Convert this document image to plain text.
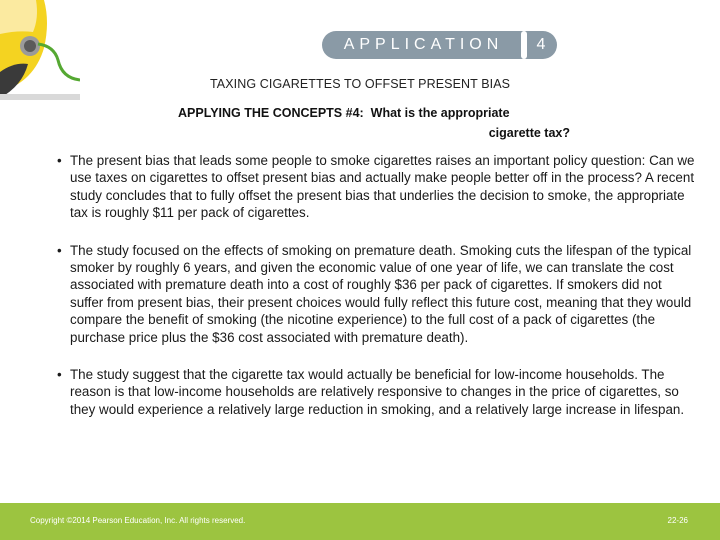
APPLICATION	4
TAXING CIGARETTES TO OFFSET PRESENT BIAS
APPLYING THE CONCEPTS #4: What is the appropriate
cigarette tax?
• The present bias that leads some people to smoke cigarettes raises an important policy question: Can we use taxes on cigarettes to offset present bias and actually make people better off in the process? A recent study concludes that to fully offset the present bias that underlies the decision to smoke, the appropriate tax is roughly $11 per pack of cigarettes.
• The study focused on the effects of smoking on premature death. Smoking cuts the lifespan of the typical smoker by roughly 6 years, and given the economic value of one year of life, we can translate the cost associated with premature death into a cost of roughly $36 per pack of cigarettes. If smokers did not suffer from present bias, their present choices would fully reflect this future cost, meaning that they would compare the benefit of smoking (the nicotine experience) to the full cost of a pack of cigarettes (the purchase price plus the $36 cost associated with premature death).
• The study suggest that the cigarette tax would actually be beneficial for low-income households. The reason is that low-income households are relatively responsive to changes in the price of cigarettes, so they would experience a relatively large reduction in smoking, and a relatively large increase in lifespan.
Copyright ©2014 Pearson Education, Inc. All rights reserved.	22-26
